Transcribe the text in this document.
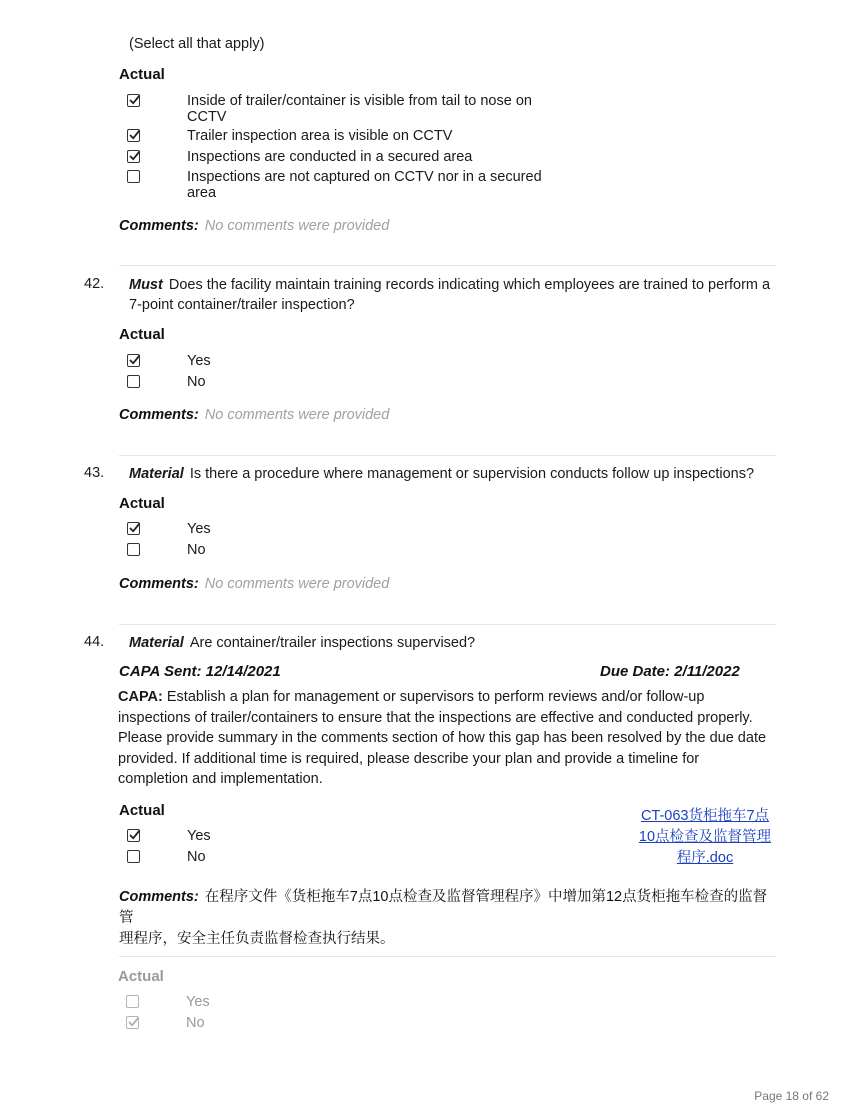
(Select all that apply)
Actual
Inside of trailer/container is visible from tail to nose on CCTV
Trailer inspection area is visible on CCTV
Inspections are conducted in a secured area
Inspections are not captured on CCTV nor in a secured area
Comments: No comments were provided
42. Must Does the facility maintain training records indicating which employees are trained to perform a 7-point container/trailer inspection?
Actual
Yes
No
Comments: No comments were provided
43. Material Is there a procedure where management or supervision conducts follow up inspections?
Actual
Yes
No
Comments: No comments were provided
44. Material Are container/trailer inspections supervised?
CAPA Sent: 12/14/2021	Due Date: 2/11/2022
CAPA: Establish a plan for management or supervisors to perform reviews and/or follow-up inspections of trailer/containers to ensure that the inspections are effective and conducted properly. Please provide summary in the comments section of how this gap has been resolved by the due date provided. If additional time is required, please describe your plan and provide a timeline for completion and implementation.
Actual
Yes
No
CT-063货柜拖车7点
10点检查及监督管理
程序.doc
Comments: 在程序文件《货柜拖车7点10点检查及监督管理程序》中增加第12点货柜拖车检查的监督管
理程序，安全主任负责监督检查执行结果。
Actual
Yes
No
Page 18 of 62
